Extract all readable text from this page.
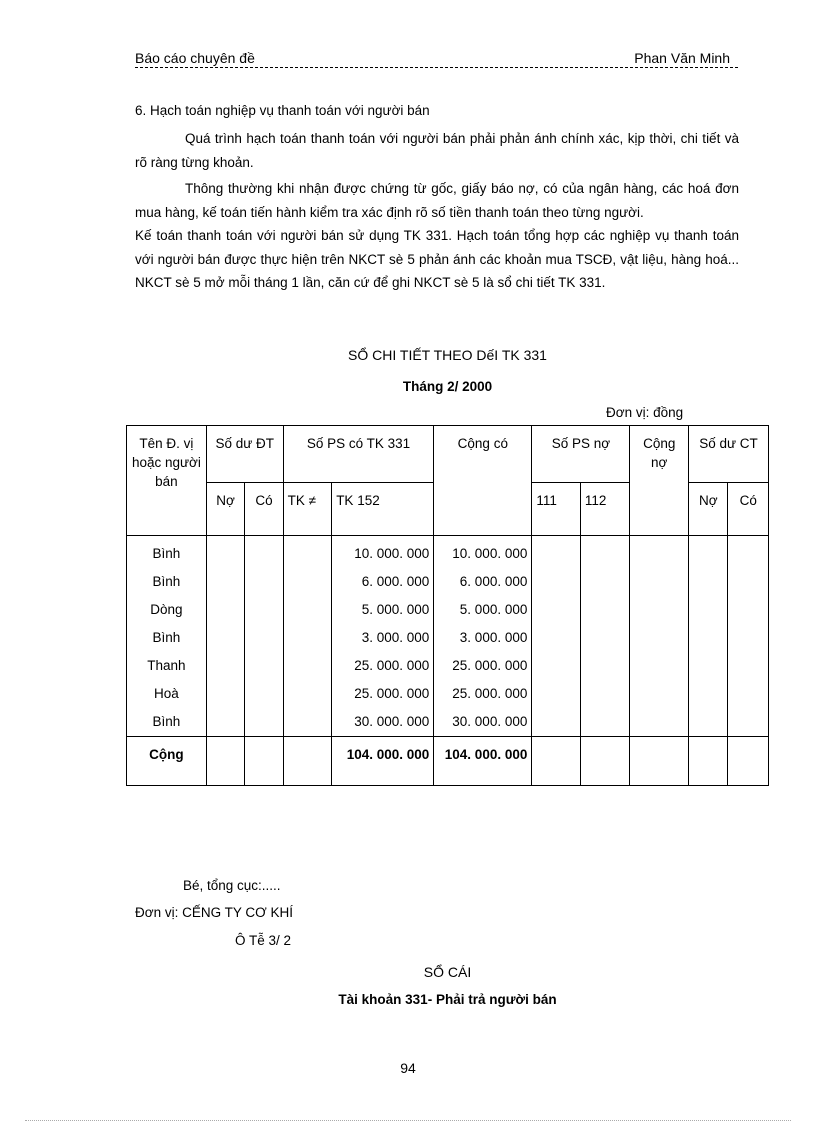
Báo cáo chuyên đề	Phan Văn Minh
6. Hạch toán nghiệp vụ thanh toán với người bán

Quá trình hạch toán thanh toán với người bán phải phản ánh chính xác, kịp thời, chi tiết và rõ ràng từng khoản.

Thông thường khi nhận được chứng từ gốc, giấy báo nợ, có của ngân hàng, các hoá đơn mua hàng, kế toán tiến hành kiểm tra xác định rõ số tiền thanh toán theo từng người.

Kế toán thanh toán với người bán sử dụng TK 331. Hạch toán tổng hợp các nghiệp vụ thanh toán với người bán được thực hiện trên NKCT sè 5 phản ánh các khoản mua TSCĐ, vật liệu, hàng hoá... NKCT sè 5 mở mỗi tháng 1 lần, căn cứ để ghi NKCT sè 5 là sổ chi tiết TK 331.

SỔ CHI TIẾT THEO DếI TK 331
Tháng 2/ 2000
Đơn vị: đồng
Tên Đ. vị hoặc người bán	Số dư ĐT		Số PS có TK 331		Cộng có	Số PS nợ		Cộng nợ	Số dư CT	
	Nợ	Có	TK ≠	TK 152		111	112		Nợ	Có
Bình				10. 000. 000	10. 000. 000					
Bình				6. 000. 000	6. 000. 000					
Dòng				5. 000. 000	5. 000. 000					
Bình				3. 000. 000	3. 000. 000					
Thanh				25. 000. 000	25. 000. 000					
Hoà				25. 000. 000	25. 000. 000					
Bình				30. 000. 000	30. 000. 000					
Cộng				104. 000. 000	104. 000. 000					
Bé, tổng cục:.....
Đơn vị: CẾNG TY CƠ KHÍ
Ô Tễ 3/ 2
SỔ CÁI
Tài khoản 331- Phải trả người bán
94
